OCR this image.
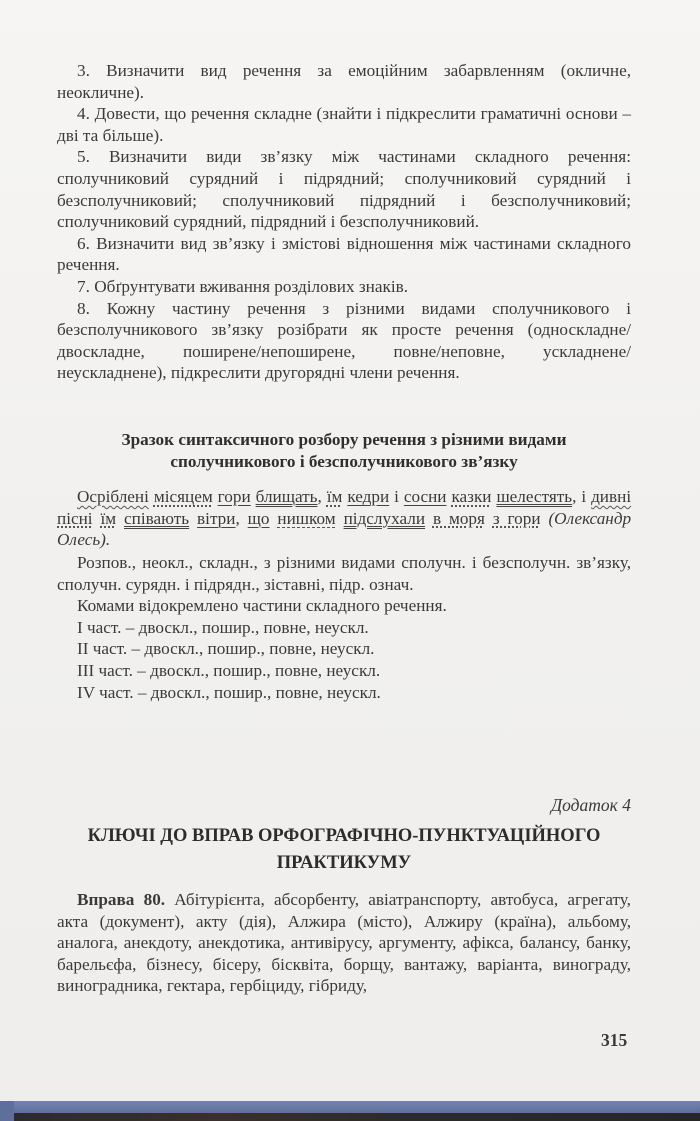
3. Визначити вид речення за емоційним забарвленням (окличне, неокличне).

4. Довести, що речення складне (знайти і підкреслити граматичні основи – дві та більше).

5. Визначити види зв’язку між частинами складного речення: сполучниковий сурядний і підрядний; сполучниковий сурядний і безсполучниковий; сполучниковий підрядний і безсполучниковий; сполучниковий сурядний, підрядний і безсполучниковий.

6. Визначити вид зв’язку і змістові відношення між частинами складного речення.

7. Обґрунтувати вживання розділових знаків.

8. Кожну частину речення з різними видами сполучникового і безсполучникового зв’язку розібрати як просте речення (односкладне/двоскладне, поширене/непоширене, повне/неповне, ускладнене/неускладнене), підкреслити другорядні члени речення.

Зразок синтаксичного розбору речення з різними видами
сполучникового і безсполучникового зв’язку

Осріблені місяцем гори блищать, їм кедри і сосни казки шелестять, і дивні пісні їм співають вітри, що нишком підслухали в моря з гори (Олександр Олесь).

Розпов., неокл., складн., з різними видами сполучн. і безсполучн. зв’язку, сполучн. сурядн. і підрядн., зіставні, підр. означ.

Комами відокремлено частини складного речення.

I част. – двоскл., пошир., повне, неускл.

II част. – двоскл., пошир., повне, неускл.

III част. – двоскл., пошир., повне, неускл.

IV част. – двоскл., пошир., повне, неускл.

Додаток 4
КЛЮЧІ ДО ВПРАВ ОРФОГРАФІЧНО-ПУНКТУАЦІЙНОГО
ПРАКТИКУМУ

Вправа 80. Абітурієнта, абсорбенту, авіатранспорту, автобуса, агрегату, акта (документ), акту (дія), Алжира (місто), Алжиру (країна), альбому, аналога, анекдоту, анекдотика, антивірусу, аргументу, афікса, балансу, банку, барельєфа, бізнесу, бісеру, бісквіта, борщу, вантажу, варіанта, винограду, виноградника, гектара, гербіциду, гібриду,

315
